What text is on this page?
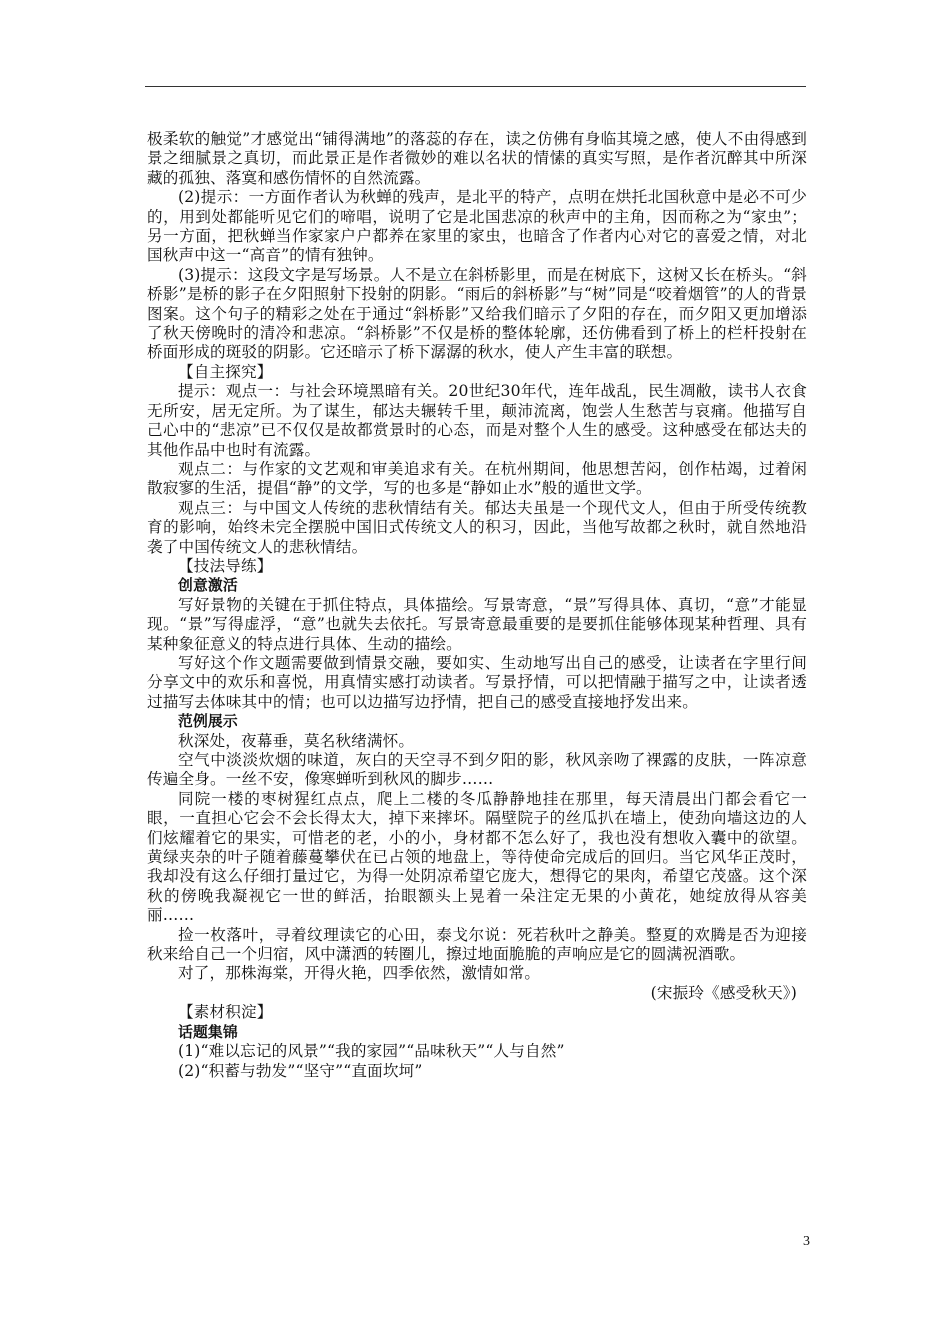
极柔软的触觉”才感觉出“铺得满地”的落蕊的存在，读之仿佛有身临其境之感，使人不由得感到景之细腻景之真切，而此景正是作者微妙的难以名状的情愫的真实写照，是作者沉醉其中所深藏的孤独、落寞和感伤情怀的自然流露。

(2)提示：一方面作者认为秋蝉的残声，是北平的特产，点明在烘托北国秋意中是必不可少的，用到处都能听见它们的啼唱，说明了它是北国悲凉的秋声中的主角，因而称之为“家虫”；另一方面，把秋蝉当作家家户户都养在家里的家虫，也暗含了作者内心对它的喜爱之情，对北国秋声中这一“高音”的情有独钟。

(3)提示：这段文字是写场景。人不是立在斜桥影里，而是在树底下，这树又长在桥头。“斜桥影”是桥的影子在夕阳照射下投射的阴影。“雨后的斜桥影”与“树”同是“咬着烟管”的人的背景图案。这个句子的精彩之处在于通过“斜桥影”又给我们暗示了夕阳的存在，而夕阳又更加增添了秋天傍晚时的清冷和悲凉。“斜桥影”不仅是桥的整体轮廓，还仿佛看到了桥上的栏杆投射在桥面形成的斑驳的阴影。它还暗示了桥下潺潺的秋水，使人产生丰富的联想。

【自主探究】

提示：观点一：与社会环境黑暗有关。20世纪30年代，连年战乱，民生凋敝，读书人衣食无所安，居无定所。为了谋生，郁达夫辗转千里，颠沛流离，饱尝人生愁苦与哀痛。他描写自己心中的“悲凉”已不仅仅是故都赏景时的心态，而是对整个人生的感受。这种感受在郁达夫的其他作品中也时有流露。

观点二：与作家的文艺观和审美追求有关。在杭州期间，他思想苦闷，创作枯竭，过着闲散寂寥的生活，提倡“静”的文学，写的也多是“静如止水”般的遁世文学。

观点三：与中国文人传统的悲秋情结有关。郁达夫虽是一个现代文人，但由于所受传统教育的影响，始终未完全摆脱中国旧式传统文人的积习，因此，当他写故都之秋时，就自然地沿袭了中国传统文人的悲秋情结。

【技法导练】

创意激活

写好景物的关键在于抓住特点，具体描绘。写景寄意，“景”写得具体、真切，“意”才能显现。“景”写得虚浮，“意”也就失去依托。写景寄意最重要的是要抓住能够体现某种哲理、具有某种象征意义的特点进行具体、生动的描绘。

写好这个作文题需要做到情景交融，要如实、生动地写出自己的感受，让读者在字里行间分享文中的欢乐和喜悦，用真情实感打动读者。写景抒情，可以把情融于描写之中，让读者透过描写去体味其中的情；也可以边描写边抒情，把自己的感受直接地抒发出来。

范例展示

秋深处，夜幕垂，莫名秋绪满怀。

空气中淡淡炊烟的味道，灰白的天空寻不到夕阳的影，秋风亲吻了裸露的皮肤，一阵凉意传遍全身。一丝不安，像寒蝉听到秋风的脚步……

同院一楼的枣树猩红点点，爬上二楼的冬瓜静静地挂在那里，每天清晨出门都会看它一眼，一直担心它会不会长得太大，掉下来摔坏。隔壁院子的丝瓜扒在墙上，使劲向墙这边的人们炫耀着它的果实，可惜老的老，小的小，身材都不怎么好了，我也没有想收入囊中的欲望。黄绿夹杂的叶子随着藤蔓攀伏在已占领的地盘上，等待使命完成后的回归。当它风华正茂时，我却没有这么仔细打量过它，为得一处阴凉希望它庞大，想得它的果肉，希望它茂盛。这个深秋的傍晚我凝视它一世的鲜活，抬眼额头上晃着一朵注定无果的小黄花，她绽放得从容美丽……

捡一枚落叶，寻着纹理读它的心田，泰戈尔说：死若秋叶之静美。整夏的欢腾是否为迎接秋来给自己一个归宿，风中潇洒的转圈儿，擦过地面脆脆的声响应是它的圆满祝酒歌。

对了，那株海棠，开得火艳，四季依然，激情如常。

(宋振玲《感受秋天》)

【素材积淀】

话题集锦

(1)“难以忘记的风景”“我的家园”“品味秋天”“人与自然”

(2)“积蓄与勃发”“坚守”“直面坎坷”

3
